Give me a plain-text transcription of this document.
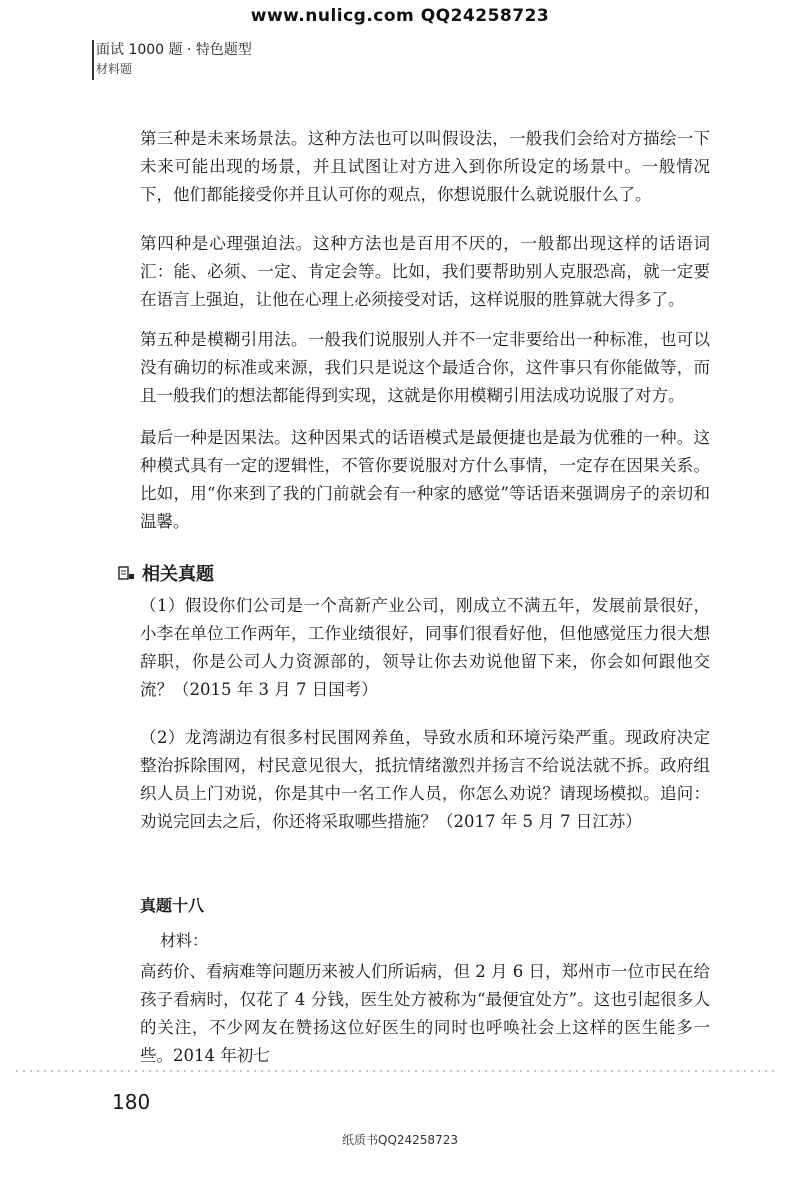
www.nulicg.com QQ24258723
面试 1000 题 · 特色题型
材料题

第三种是未来场景法。这种方法也可以叫假设法，一般我们会给对方描绘一下未来可能出现的场景，并且试图让对方进入到你所设定的场景中。一般情况下，他们都能接受你并且认可你的观点，你想说服什么就说服什么了。

第四种是心理强迫法。这种方法也是百用不厌的，一般都出现这样的话语词汇：能、必须、一定、肯定会等。比如，我们要帮助别人克服恐高，就一定要在语言上强迫，让他在心理上必须接受对话，这样说服的胜算就大得多了。

第五种是模糊引用法。一般我们说服别人并不一定非要给出一种标准，也可以没有确切的标准或来源，我们只是说这个最适合你，这件事只有你能做等，而且一般我们的想法都能得到实现，这就是你用模糊引用法成功说服了对方。

最后一种是因果法。这种因果式的话语模式是最便捷也是最为优雅的一种。这种模式具有一定的逻辑性，不管你要说服对方什么事情，一定存在因果关系。比如，用“你来到了我的门前就会有一种家的感觉”等话语来强调房子的亲切和温馨。

相关真题

（1）假设你们公司是一个高新产业公司，刚成立不满五年，发展前景很好，小李在单位工作两年，工作业绩很好，同事们很看好他，但他感觉压力很大想辞职，你是公司人力资源部的，领导让你去劝说他留下来，你会如何跟他交流？（2015 年 3 月 7 日国考）

（2）龙湾湖边有很多村民围网养鱼，导致水质和环境污染严重。现政府决定整治拆除围网，村民意见很大，抵抗情绪激烈并扬言不给说法就不拆。政府组织人员上门劝说，你是其中一名工作人员，你怎么劝说？请现场模拟。追问：劝说完回去之后，你还将采取哪些措施？（2017 年 5 月 7 日江苏）

真题十八
材料：

高药价、看病难等问题历来被人们所诟病，但 2 月 6 日，郑州市一位市民在给孩子看病时，仅花了 4 分钱，医生处方被称为“最便宜处方”。这也引起很多人的关注，不少网友在赞扬这位好医生的同时也呼唤社会上这样的医生能多一些。2014 年初七

180
纸质书QQ24258723
